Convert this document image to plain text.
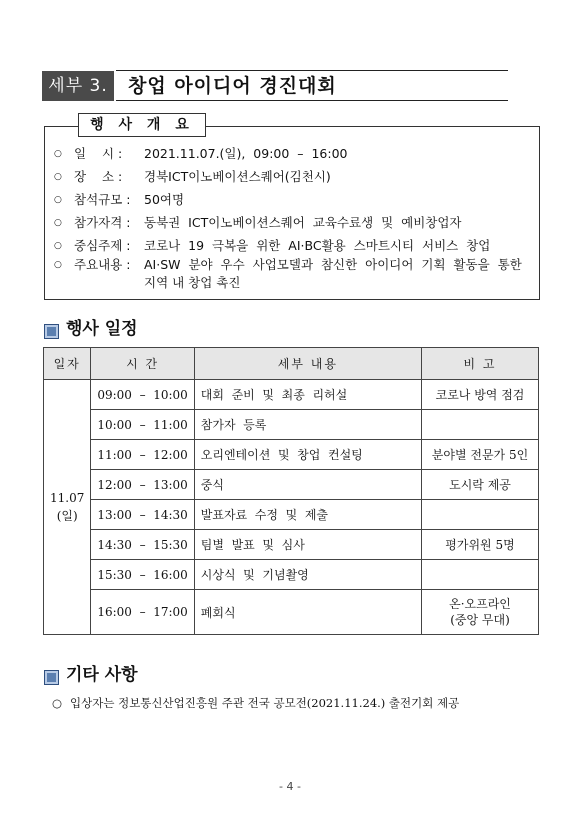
세부 3.	창업 아이디어 경진대회
행 사 개 요
○ 일    시 : 2021.11.07.(일),  09:00  –  16:00
○ 장    소 : 경북ICT이노베이션스퀘어(김천시)
○ 참석규모 : 50여명
○ 참가자격 : 동북권  ICT이노베이션스퀘어  교육수료생  및  예비창업자
○ 중심주제 : 코로나  19  극복을  위한  AI·BC활용  스마트시티  서비스  창업
○ 주요내용 : AI·SW  분야  우수  사업모델과  참신한  아이디어  기획  활동을  통한
지역 내 창업 촉진
행사 일정
일자	시 간	세부 내용	비 고

11.07
(일)	09:00  –  10:00	대회  준비  및  최종  리허설	코로나 방역 점검

	10:00  –  11:00	참가자  등록	
	11:00  –  12:00	오리엔테이션  및  창업  컨설팅	분야별 전문가 5인

	12:00  –  13:00	중식	도시락 제공

	13:00  –  14:30	발표자료  수정  및  제출	
	14:30  –  15:30	팀별  발표  및  심사	평가위원 5명

	15:30  –  16:00	시상식  및  기념촬영	
	16:00  –  17:00	폐회식	온·오프라인
(중앙 무대)
기타 사항
○ 입상자는 정보통신산업진흥원 주관 전국 공모전(2021.11.24.) 출전기회 제공
- 4 -
